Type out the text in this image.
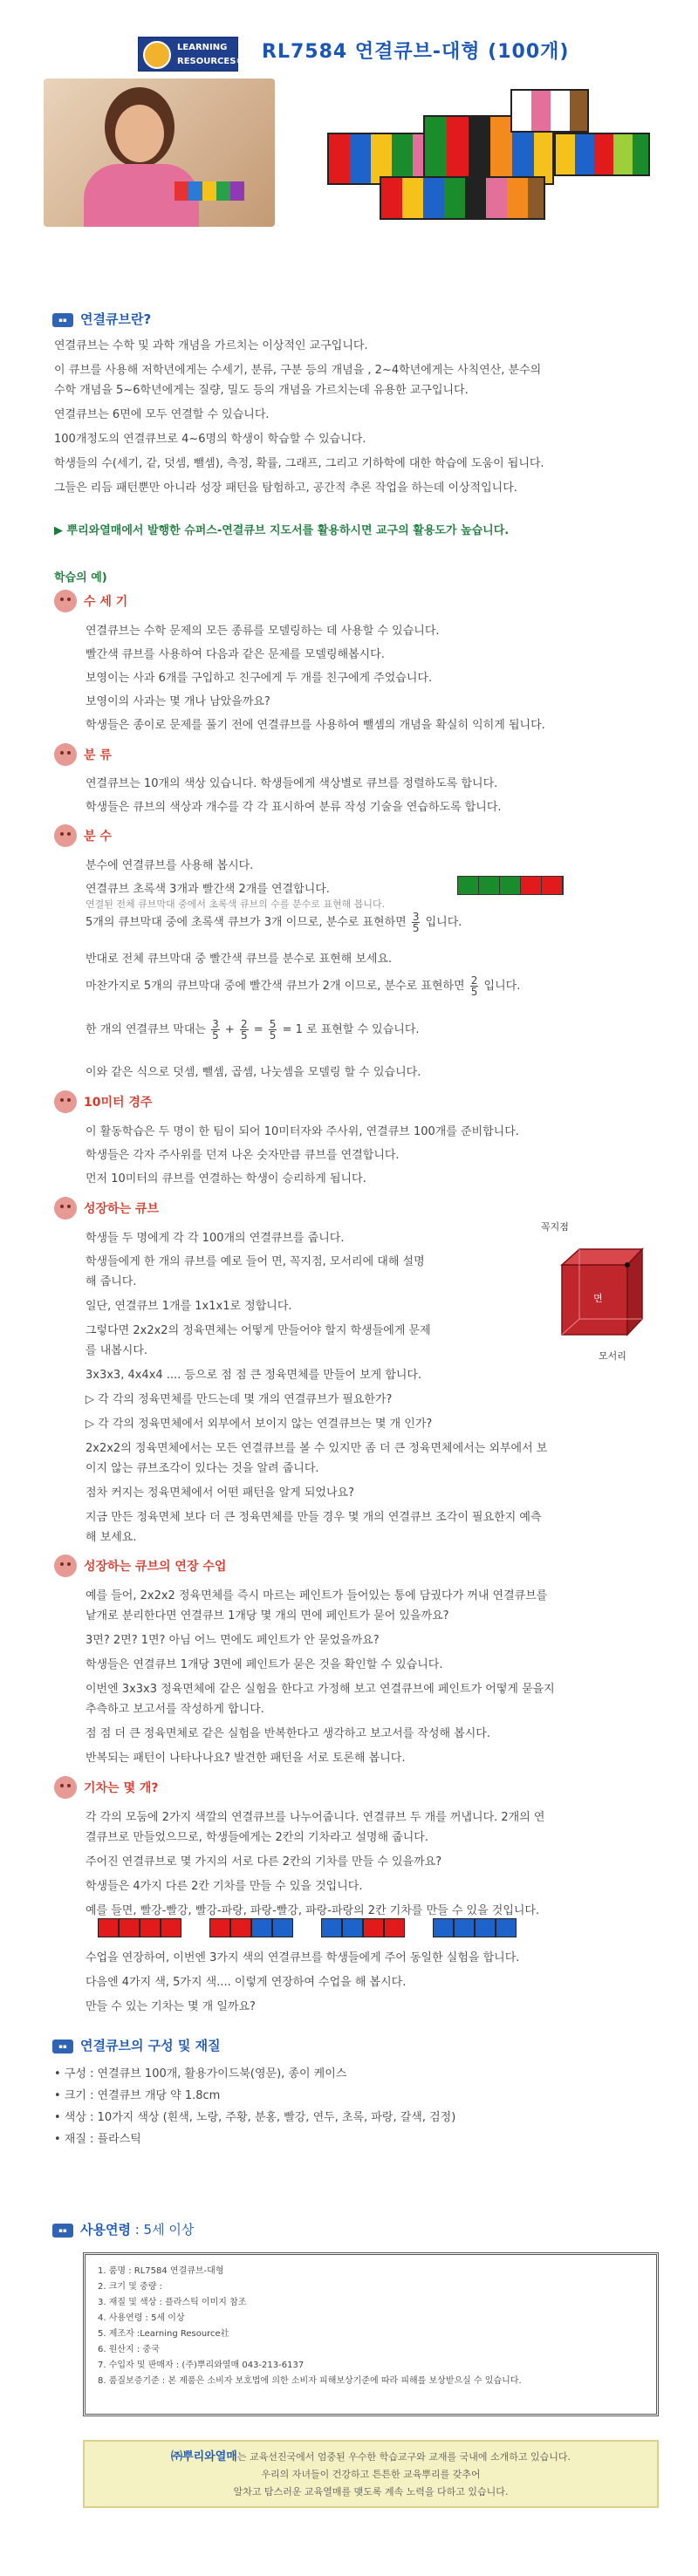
LEARNING
RESOURCES® RL7584 연결큐브-대형 (100개)
▪▪ 연결큐브란?
연결큐브는 수학 및 과학 개념을 가르치는 이상적인 교구입니다.
이 큐브를 사용해 저학년에게는 수세기, 분류, 구분 등의 개념을 , 2~4학년에게는 사칙연산, 분수의
수학 개념을 5~6학년에게는 질량, 밀도 등의 개념을 가르치는데 유용한 교구입니다.
연결큐브는 6면에 모두 연결할 수 있습니다.
100개정도의 연결큐브로 4~6명의 학생이 학습할 수 있습니다.
학생들의 수(세기, 같, 덧셈, 뺄셈), 측정, 확률, 그래프, 그리고 기하학에 대한 학습에 도움이 됩니다.
그들은 리듬 패턴뿐만 아니라 성장 패턴을 탐험하고, 공간적 추론 작업을 하는데 이상적입니다.
▶ 뿌리와열매에서 발행한 슈퍼스-연결큐브 지도서를 활용하시면 교구의 활용도가 높습니다.
학습의 예)
수 세 기
연결큐브는 수학 문제의 모든 종류를 모델링하는 데 사용할 수 있습니다.
빨간색 큐브를 사용하여 다음과 같은 문제를 모델링해봅시다.
보영이는 사과 6개를 구입하고 친구에게 두 개를 친구에게 주었습니다.
보영이의 사과는 몇 개나 남았을까요?
학생들은 종이로 문제를 풀기 전에 연결큐브를 사용하여 뺄셈의 개념을 확실히 익히게 됩니다.
분 류
연결큐브는 10개의 색상 있습니다. 학생들에게 색상별로 큐브를 정렬하도록 합니다.
학생들은 큐브의 색상과 개수를 각 각 표시하여 분류 작성 기술을 연습하도록 합니다.
분 수
분수에 연결큐브를 사용해 봅시다.
연결큐브 초록색 3개과 빨간색 2개를 연결합니다.
연결된 전체 큐브막대 중에서 초록색 큐브의 수를 분수로 표현해 봅니다.
5개의 큐브막대 중에 초록색 큐브가 3개 이므로, 분수로 표현하면 $\frac{3}{5}$ 입니다.
반대로 전체 큐브막대 중 빨간색 큐브를 분수로 표현해 보세요.
마찬가지로 5개의 큐브막대 중에 빨간색 큐브가 2개 이므로, 분수로 표현하면 $\frac{2}{5}$ 입니다.
한 개의 연결큐브 막대는 $\frac{3}{5} + \frac{2}{5} = \frac{5}{5} = 1$ 로 표현할 수 있습니다.
이와 같은 식으로 덧셈, 뺄셈, 곱셈, 나눗셈을 모델링 할 수 있습니다.
10미터 경주
이 활동학습은 두 명이 한 팀이 되어 10미터자와 주사위, 연결큐브 100개를 준비합니다.
학생들은 각자 주사위를 던져 나온 숫자만큼 큐브를 연결합니다.
먼저 10미터의 큐브를 연결하는 학생이 승리하게 됩니다.
성장하는 큐브
학생들 두 명에게 각 각 100개의 연결큐브를 줍니다.
학생들에게 한 개의 큐브를 예로 들어 면, 꼭지점, 모서리에 대해 설명
해 줍니다.
일단, 연결큐브 1개를 1x1x1로 정합니다.
그렇다면 2x2x2의 정육면체는 어떻게 만들어야 할지 학생들에게 문제
를 내봅시다.
꼭지점
면
모서리
3x3x3, 4x4x4 .... 등으로 점 점 큰 정육면체를 만들어 보게 합니다.
▷ 각 각의 정육면체를 만드는데 몇 개의 연결큐브가 필요한가?
▷ 각 각의 정육면체에서 외부에서 보이지 않는 연결큐브는 몇 개 인가?
2x2x2의 정육면체에서는 모든 연결큐브를 볼 수 있지만 좀 더 큰 정육면체에서는 외부에서 보
이지 않는 큐브조각이 있다는 것을 알려 줍니다.
점차 커지는 정육면체에서 어떤 패턴을 알게 되었나요?
지금 만든 정육면체 보다 더 큰 정육면체를 만들 경우 몇 개의 연결큐브 조각이 필요한지 예측
해 보세요.
성장하는 큐브의 연장 수업
예를 들어, 2x2x2 정육면체를 즉시 마르는 페인트가 들어있는 통에 담궜다가 꺼내 연결큐브를
낱개로 분리한다면 연결큐브 1개당 몇 개의 면에 페인트가 묻어 있을까요?
3면? 2면? 1면? 아님 어느 면에도 페인트가 안 묻었을까요?
학생들은 연결큐브 1개당 3면에 페인트가 묻은 것을 확인할 수 있습니다.
이번엔 3x3x3 정육면체에 같은 실험을 한다고 가정해 보고 연결큐브에 페인트가 어떻게 묻을지
추측하고 보고서를 작성하게 합니다.
점 점 더 큰 정육면체로 같은 실험을 반복한다고 생각하고 보고서를 작성해 봅시다.
반복되는 패턴이 나타나나요? 발견한 패턴을 서로 토론해 봅니다.
기차는 몇 개?
각 각의 모둠에 2가지 색깔의 연결큐브를 나누어줍니다. 연결큐브 두 개를 꺼냅니다. 2개의 연
결큐브로 만들었으므로, 학생들에게는 2칸의 기차라고 설명해 줍니다.
주어진 연결큐브로 몇 가지의 서로 다른 2칸의 기차를 만들 수 있을까요?
학생들은 4가지 다른 2칸 기차를 만들 수 있을 것입니다.
예를 들면, 빨강-빨강, 빨강-파랑, 파랑-빨강, 파랑-파랑의 2칸 기차를 만들 수 있을 것입니다.
수업을 연장하여, 이번엔 3가지 색의 연결큐브를 학생들에게 주어 동일한 실험을 합니다.
다음엔 4가지 색, 5가지 색.... 이렇게 연장하여 수업을 해 봅시다.
만들 수 있는 기차는 몇 개 일까요?
▪▪ 연결큐브의 구성 및 재질
• 구성 : 연결큐브 100개, 활용가이드북(영문), 종이 케이스
• 크기 : 연결큐브 개당 약 1.8cm
• 색상 : 10가지 색상 (흰색, 노랑, 주황, 분홍, 빨강, 연두, 초록, 파랑, 갈색, 검정)
• 재질 : 플라스틱
▪▪ 사용연령 : 5세 이상
1. 품명 : RL7584 연결큐브-대형
2. 크기 및 중량 :
3. 재질 및 색상 : 플라스틱 이미지 참조
4. 사용연령 : 5세 이상
5. 제조자 :Learning Resource社
6. 원산지 : 중국
7. 수입자 및 판매자 : (주)뿌리와열매 043-213-6137
8. 품질보증기준 : 본 제품은 소비자 보호법에 의한 소비자 피해보상기준에 따라 피해를 보상받으실 수 있습니다.
㈜뿌리와열매는 교육선진국에서 엄중된 우수한 학습교구와 교재를 국내에 소개하고 있습니다.
우리의 자녀들이 건강하고 튼튼한 교육뿌리를 갖추어
알차고 탐스러운 교육열매를 맺도록 계속 노력을 다하고 있습니다.
